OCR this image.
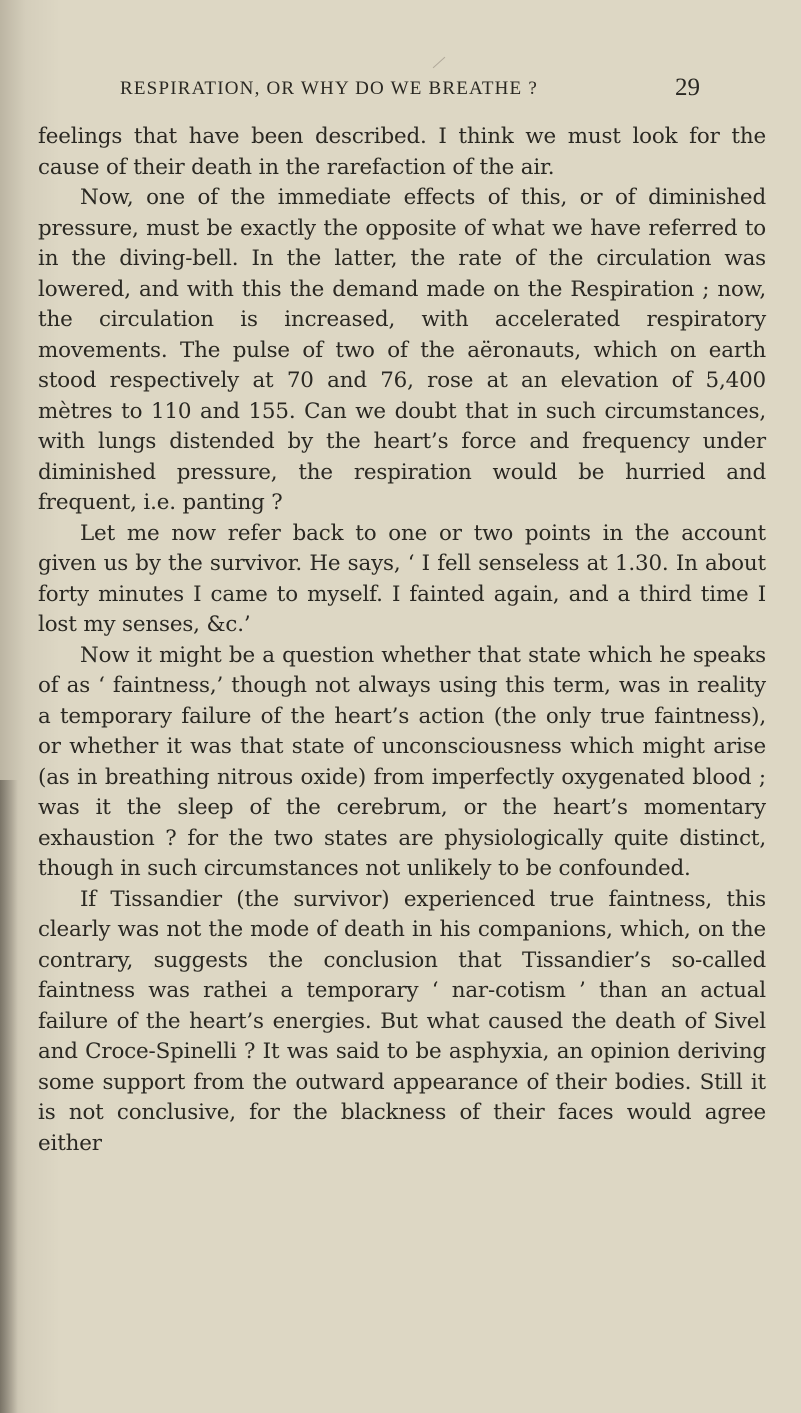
RESPIRATION, OR WHY DO WE BREATHE ?	29

feelings that have been described. I think we must look for the cause of their death in the rarefaction of the air.

Now, one of the immediate effects of this, or of diminished pressure, must be exactly the opposite of what we have referred to in the diving-bell. In the latter, the rate of the circulation was lowered, and with this the demand made on the Respiration ; now, the circulation is increased, with accelerated respiratory movements. The pulse of two of the aëronauts, which on earth stood respectively at 70 and 76, rose at an elevation of 5,400 mètres to 110 and 155. Can we doubt that in such circumstances, with lungs distended by the heart’s force and frequency under diminished pressure, the respiration would be hurried and frequent, i.e. panting ?

Let me now refer back to one or two points in the account given us by the survivor. He says, ‘ I fell senseless at 1.30. In about forty minutes I came to myself. I fainted again, and a third time I lost my senses, &c.’

Now it might be a question whether that state which he speaks of as ‘ faintness,’ though not always using this term, was in reality a temporary failure of the heart’s action (the only true faintness), or whether it was that state of unconsciousness which might arise (as in breathing nitrous oxide) from imperfectly oxygenated blood ; was it the sleep of the cerebrum, or the heart’s momentary exhaustion ? for the two states are physiologically quite distinct, though in such circumstances not unlikely to be confounded.

If Tissandier (the survivor) experienced true faintness, this clearly was not the mode of death in his companions, which, on the contrary, suggests the conclusion that Tissandier’s so-called faintness was rathei a temporary ‘ nar-cotism ’ than an actual failure of the heart’s energies. But what caused the death of Sivel and Croce-Spinelli ? It was said to be asphyxia, an opinion deriving some support from the outward appearance of their bodies. Still it is not conclusive, for the blackness of their faces would agree either
